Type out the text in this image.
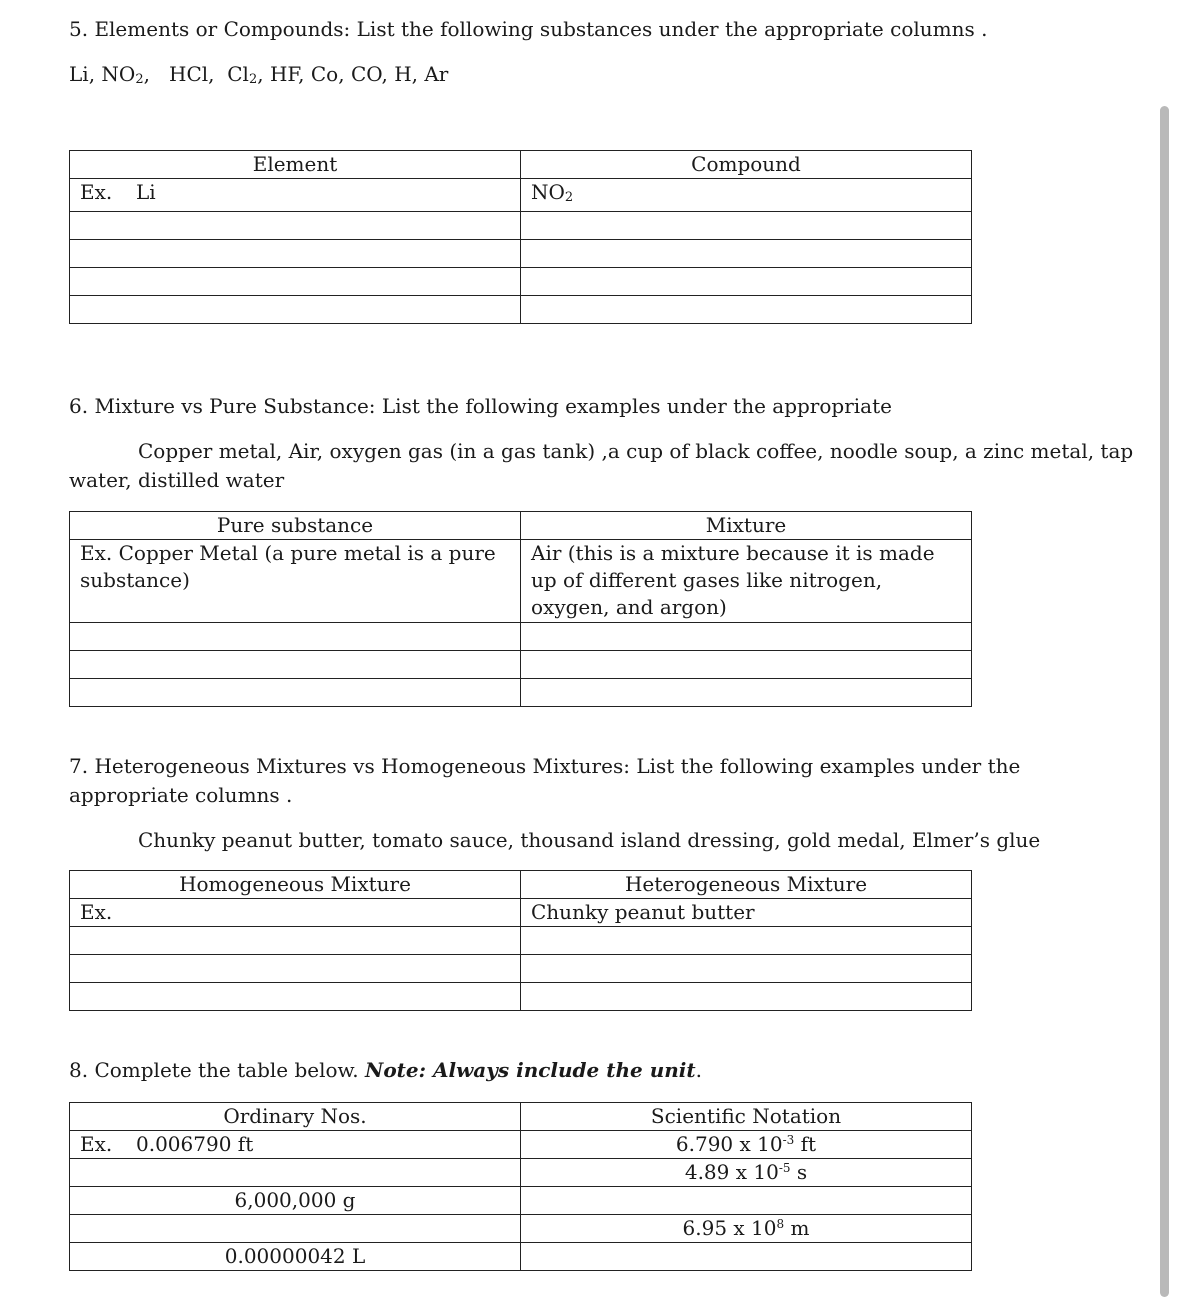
5. Elements or Compounds: List the following substances under the appropriate columns .
Li, $NO_2$,   HCl,  $Cl_2$, HF, Co, CO, H, Ar
Element	Compound
Ex. Li	$NO_2$

6. Mixture vs Pure Substance: List the following examples under the appropriate
Copper metal, Air, oxygen gas (in a gas tank) ,a cup of black coffee, noodle soup, a zinc metal, tap
water, distilled water
Pure substance	Mixture
Ex. Copper Metal (a pure metal is a pure substance)	Air (this is a mixture because it is made up of different gases like nitrogen, oxygen, and argon)

7. Heterogeneous Mixtures vs Homogeneous Mixtures: List the following examples under the
appropriate columns .
Chunky peanut butter, tomato sauce, thousand island dressing, gold medal, Elmer’s glue
Homogeneous Mixture	Heterogeneous Mixture
Ex.	Chunky peanut butter

8. Complete the table below. Note: Always include the unit.
Ordinary Nos.	Scientific Notation
Ex. 0.006790 ft	6.790 x $10^{-3}$ ft
	4.89 x $10^{-5}$ s
6,000,000 g	
	6.95 x $10^8$ m
0.00000042 L	
